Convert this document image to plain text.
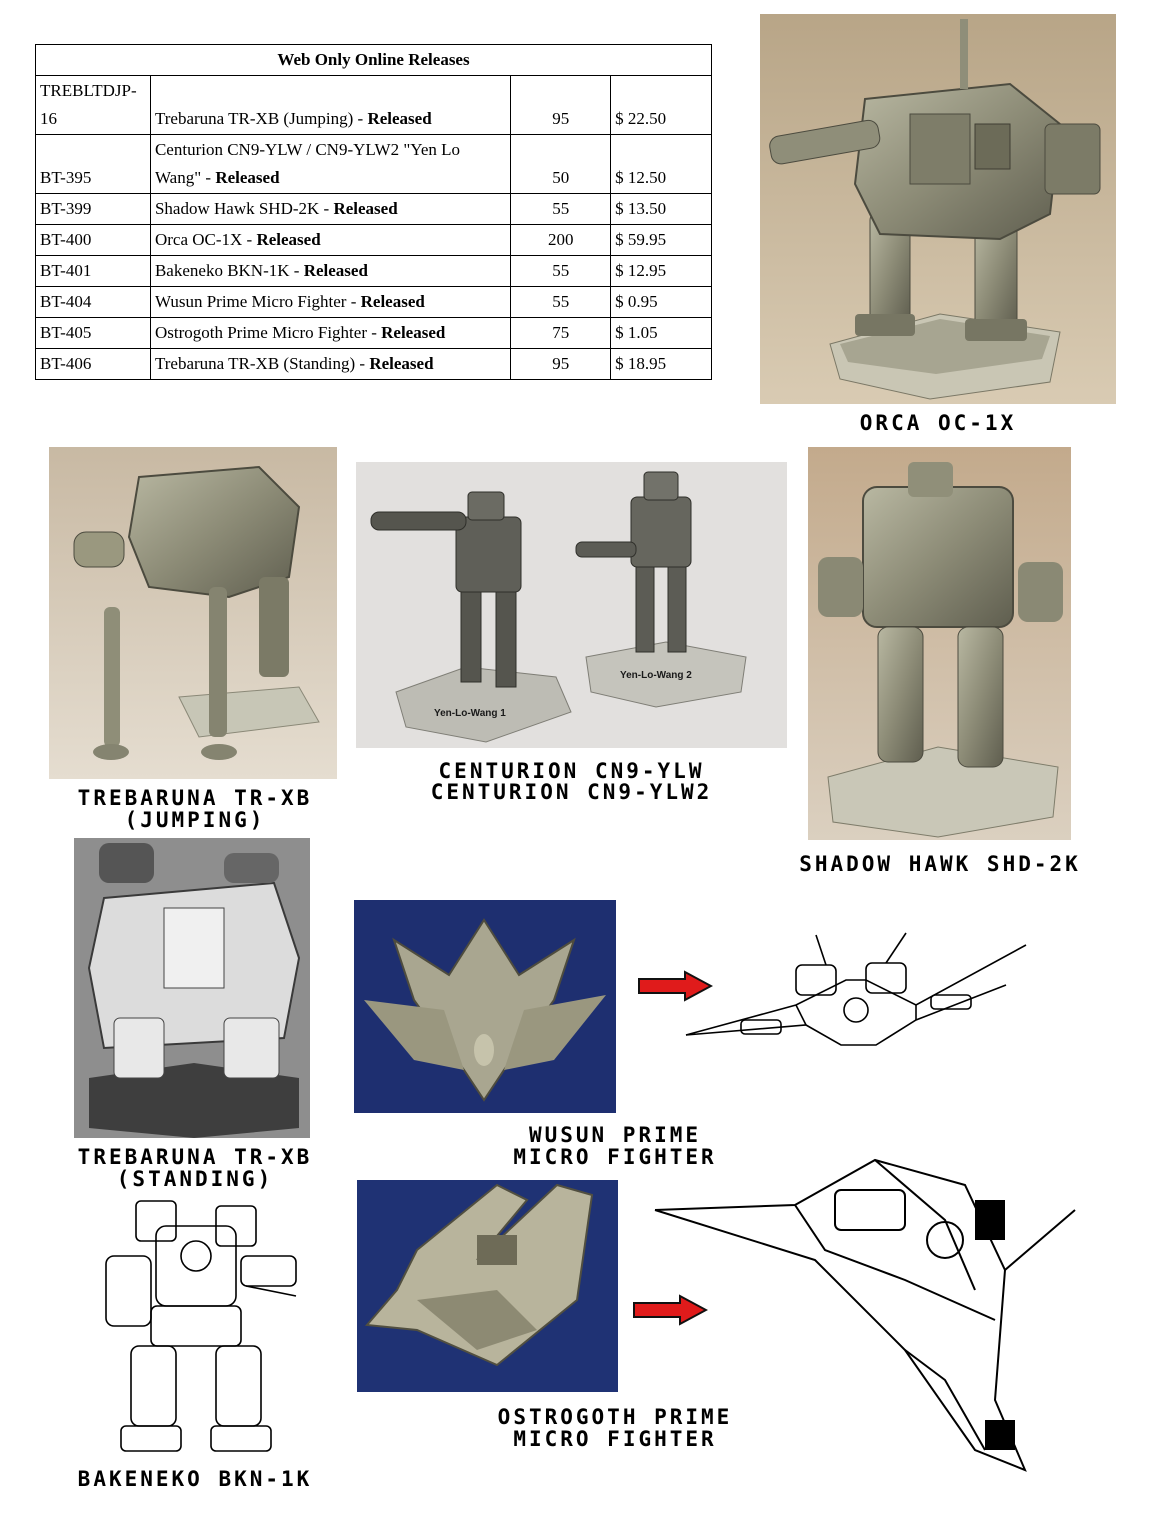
Web Only Online Releases			
TREBLTDJP-16	Trebaruna TR-XB (Jumping) - Released	95	$ 22.50
BT-395	Centurion CN9-YLW / CN9-YLW2 "Yen Lo Wang" - Released	50	$ 12.50
BT-399	Shadow Hawk SHD-2K - Released	55	$ 13.50
BT-400	Orca OC-1X - Released	200	$ 59.95
BT-401	Bakeneko BKN-1K - Released	55	$ 12.95
BT-404	Wusun Prime Micro Fighter - Released	55	$ 0.95
BT-405	Ostrogoth Prime Micro Fighter - Released	75	$ 1.05
BT-406	Trebaruna TR-XB (Standing) - Released	95	$ 18.95
ORCA OC-1X
TREBARUNA TR-XB
(JUMPING)
Yen-Lo-Wang 1
Yen-Lo-Wang 2
CENTURION CN9-YLW
CENTURION CN9-YLW2
SHADOW HAWK SHD-2K
TREBARUNA TR-XB
(STANDING)
WUSUN PRIME
MICRO FIGHTER
OSTROGOTH PRIME
MICRO FIGHTER
BAKENEKO BKN-1K
